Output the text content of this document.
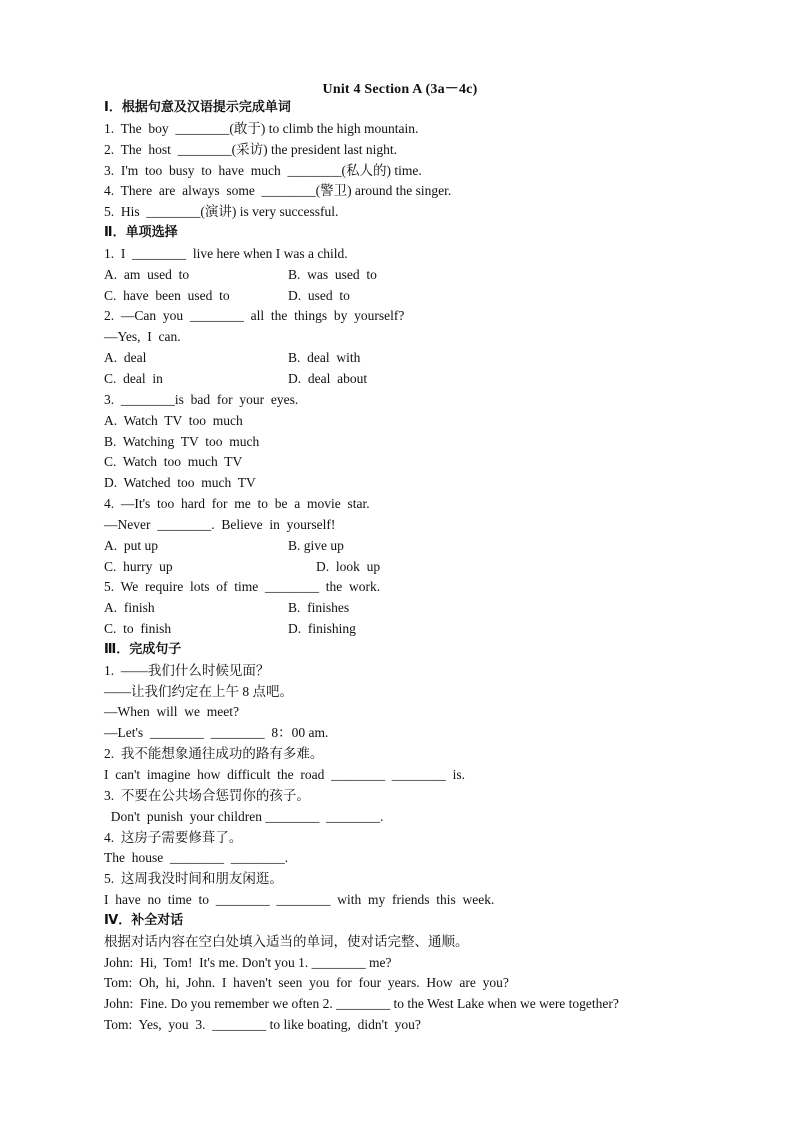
Unit 4 Section A (3a－4c)
Ⅰ．根据句意及汉语提示完成单词
1.  The  boy  ________(敢于) to climb the high mountain.
2.  The  host  ________(采访) the president last night.
3.  I'm  too  busy  to  have  much  ________(私人的) time.
4.  There  are  always  some  ________(警卫) around the singer.
5.  His  ________(演讲) is very successful.
Ⅱ．单项选择
1.  I  ________  live here when I was a child.
A.  am  used  to	B.  was  used  to
C.  have  been  used  to	D.  used  to
2.  —Can  you  ________  all  the  things  by  yourself?
—Yes,  I  can.
A.  deal	B.  deal  with
C.  deal  in	D.  deal  about
3.  ________is  bad  for  your  eyes.
A.  Watch  TV  too  much
B.  Watching  TV  too  much
C.  Watch  too  much  TV
D.  Watched  too  much  TV
4.  —It's  too  hard  for  me  to  be  a  movie  star.
—Never  ________.  Believe  in  yourself!
A.  put up	B. give up
C.  hurry  up	D.  look  up
5.  We  require  lots  of  time  ________  the  work.
A.  finish	B.  finishes
C.  to  finish	D.  finishing
Ⅲ．完成句子
1.  ——我们什么时候见面？
——让我们约定在上午 8 点吧。
—When  will  we  meet?
—Let's  ________  ________  8：00 am.
2.  我不能想象通往成功的路有多难。
I  can't  imagine  how  difficult  the  road  ________  ________  is.
3.  不要在公共场合惩罚你的孩子。
Don't  punish  your children ________  ________.
4.  这房子需要修葺了。
The  house  ________  ________.
5.  这周我没时间和朋友闲逛。
I  have  no  time  to  ________  ________  with  my  friends  this  week.
Ⅳ．补全对话
根据对话内容在空白处填入适当的单词，使对话完整、通顺。
John:  Hi,  Tom!  It's me. Don't you 1. ________ me?
Tom:  Oh,  hi,  John.  I  haven't  seen  you  for  four  years.  How  are  you?
John:  Fine. Do you remember we often 2. ________ to the West Lake when we were together?
Tom:  Yes,  you  3.  ________ to like boating,  didn't  you?
